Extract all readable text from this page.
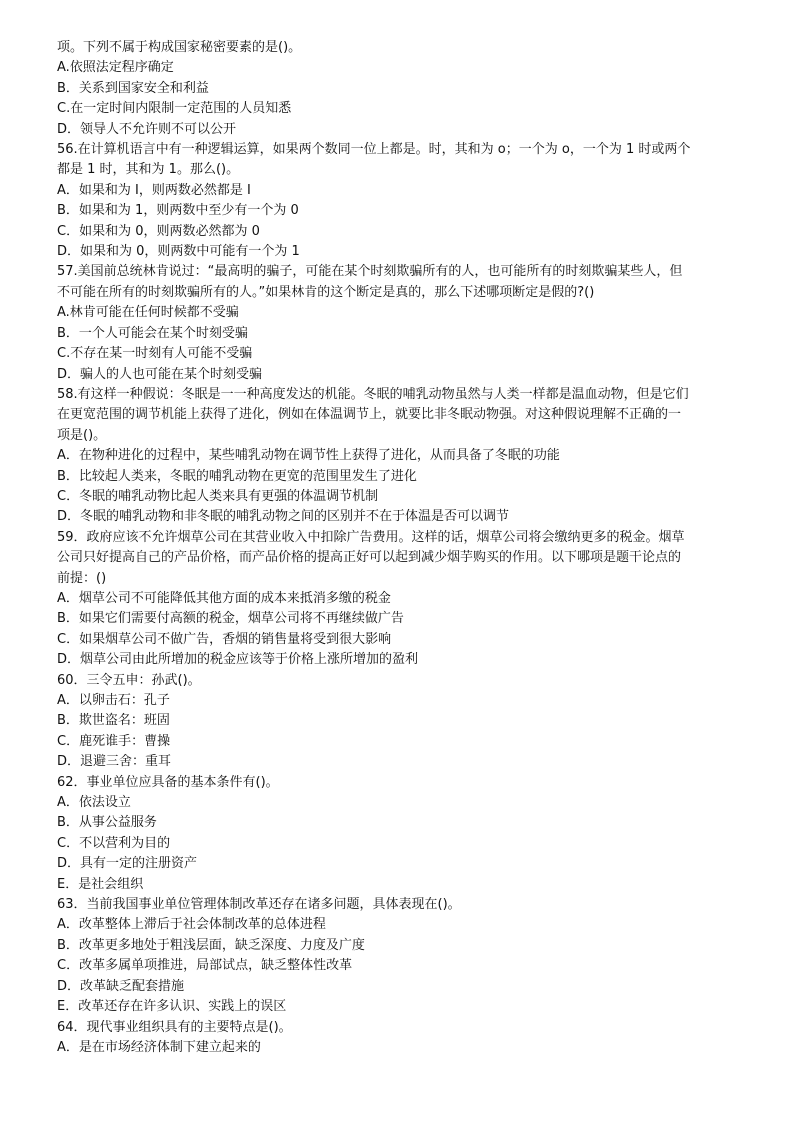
项。下列不属于构成国家秘密要素的是()。

A.依照法定程序确定

B．关系到国家安全和利益

C.在一定时间内限制一定范围的人员知悉

D．领导人不允许则不可以公开

56.在计算机语言中有一种逻辑运算，如果两个数同一位上都是。时，其和为 o；一个为 o，一个为 1 时或两个

都是 1 时，其和为 1。那么()。

A．如果和为 I，则两数必然都是 I

B．如果和为 1，则两数中至少有一个为 0

C．如果和为 0，则两数必然都为 0

D．如果和为 0，则两数中可能有一个为 1

57.美国前总统林肯说过：“最高明的骗子，可能在某个时刻欺骗所有的人，也可能所有的时刻欺骗某些人，但

不可能在所有的时刻欺骗所有的人。”如果林肯的这个断定是真的，那么下述哪项断定是假的?()

A.林肯可能在任何时候都不受骗

B．一个人可能会在某个时刻受骗

C.不存在某一时刻有人可能不受骗

D．骗人的人也可能在某个时刻受骗

58.有这样一种假说：冬眠是一一种高度发达的机能。冬眠的哺乳动物虽然与人类一样都是温血动物，但是它们

在更宽范围的调节机能上获得了进化，例如在体温调节上，就要比非冬眠动物强。对这种假说理解不正确的一

项是()。

A．在物种进化的过程中，某些哺乳动物在调节性上获得了进化，从而具备了冬眠的功能

B．比较起人类来，冬眠的哺乳动物在更宽的范围里发生了进化

C．冬眠的哺乳动物比起人类来具有更强的体温调节机制

D．冬眠的哺乳动物和非冬眠的哺乳动物之间的区别并不在于体温是否可以调节

59．政府应该不允许烟草公司在其营业收入中扣除广告费用。这样的话，烟草公司将会缴纳更多的税金。烟草

公司只好提高自己的产品价格，而产品价格的提高正好可以起到减少烟芋购买的作用。以下哪项是题干论点的

前提：()

A．烟草公司不可能降低其他方面的成本来抵消多缴的税金

B．如果它们需要付高额的税金，烟草公司将不再继续做广告

C．如果烟草公司不做广告，香烟的销售量将受到很大影响

D．烟草公司由此所增加的税金应该等于价格上涨所增加的盈利

60．三令五申：孙武()。

A．以卵击石：孔子

B．欺世盗名：班固

C．鹿死谁手：曹操

D．退避三舍：重耳

62．事业单位应具备的基本条件有()。

A．依法设立

B．从事公益服务

C．不以营利为目的

D．具有一定的注册资产

E．是社会组织

63．当前我国事业单位管理体制改革还存在诸多问题，具体表现在()。

A．改革整体上滞后于社会体制改革的总体进程

B．改革更多地处于粗浅层面，缺乏深度、力度及广度

C．改革多属单项推进，局部试点，缺乏整体性改革

D．改革缺乏配套措施

E．改革还存在许多认识、实践上的误区

64．现代事业组织具有的主要特点是()。

A．是在市场经济体制下建立起来的
